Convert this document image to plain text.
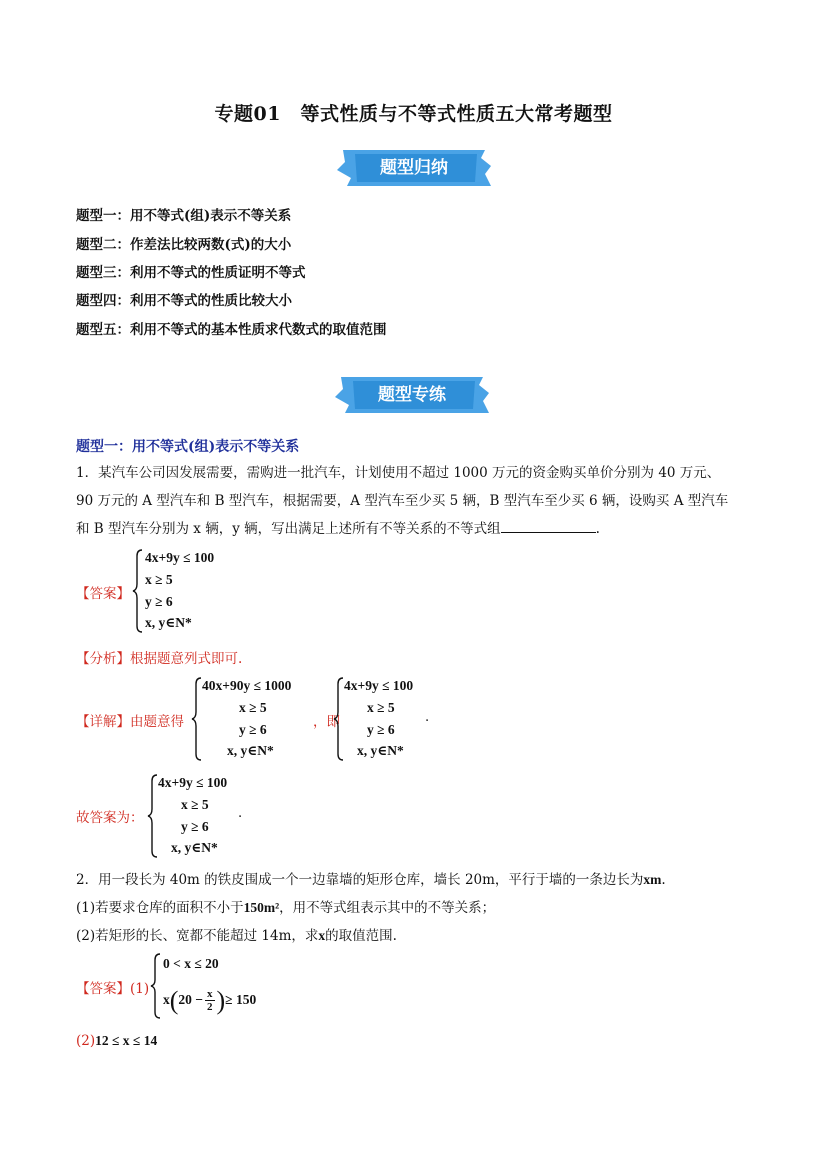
专题01　等式性质与不等式性质五大常考题型
题型归纳
题型一：用不等式(组)表示不等关系
题型二：作差法比较两数(式)的大小
题型三：利用不等式的性质证明不等式
题型四：利用不等式的性质比较大小
题型五：利用不等式的基本性质求代数式的取值范围
题型专练
题型一：用不等式(组)表示不等关系
1．某汽车公司因发展需要，需购进一批汽车，计划使用不超过 1000 万元的资金购买单价分别为 40 万元、
90 万元的 A 型汽车和 B 型汽车，根据需要，A 型汽车至少买 5 辆，B 型汽车至少买 6 辆，设购买 A 型汽车
和 B 型汽车分别为 x 辆，y 辆，写出满足上述所有不等关系的不等式组	.
【答案】
4x+9y ≤ 100
x ≥ 5
y ≥ 6
x, y∈N*
【分析】根据题意列式即可.
【详解】由题意得
40x+90y ≤ 1000
x ≥ 5
y ≥ 6
x, y∈N*
，即
4x+9y ≤ 100
x ≥ 5
y ≥ 6
x, y∈N*
.
故答案为：
4x+9y ≤ 100
x ≥ 5
y ≥ 6
x, y∈N*
.
2．用一段长为 40m 的铁皮围成一个一边靠墙的矩形仓库，墙长 20m，平行于墙的一条边长为xm.
(1)若要求仓库的面积不小于150m²，用不等式组表示其中的不等关系；
(2)若矩形的长、宽都不能超过 14m，求x的取值范围.
【答案】(1)
0 < x ≤ 20
$x(20 - \frac{x}{2}$ )≥ 150
(2)12 ≤ x ≤ 14
